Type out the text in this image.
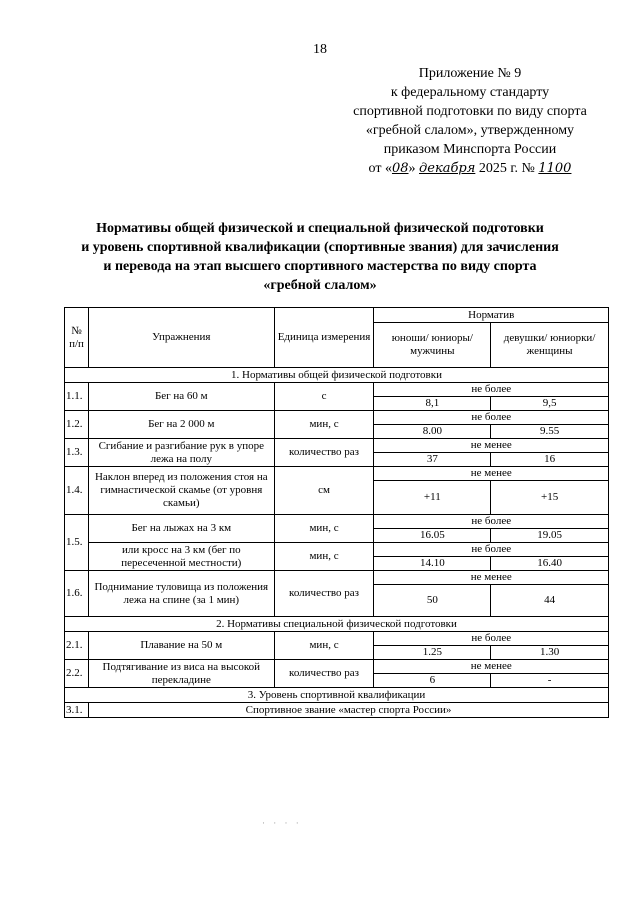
18
Приложение № 9
к федеральному стандарту
спортивной подготовки по виду спорта
«гребной слалом», утвержденному
приказом Минспорта России
от «08» декабря 2025 г. № 1100
Нормативы общей физической и специальной физической подготовки
и уровень спортивной квалификации (спортивные звания) для зачисления
и перевода на этап высшего спортивного мастерства по виду спорта
«гребной слалом»
№ п/п	Упражнения	Единица измерения	Норматив	
			юноши/ юниоры/ мужчины	девушки/ юниорки/ женщины
1. Нормативы общей физической подготовки				
1.1.	Бег на 60 м	с	не более	
			8,1	9,5
1.2.	Бег на 2 000 м	мин, с	не более	
			8.00	9.55
1.3.	Сгибание и разгибание рук в упоре лежа на полу	количество раз	не менее	
			37	16
1.4.	Наклон вперед из положения стоя на гимнастической скамье (от уровня скамьи)	см	не менее	
			+11	+15
1.5.	Бег на лыжах на 3 км	мин, с	не более	
			16.05	19.05
	или кросс на 3 км (бег по пересеченной местности)	мин, с	не более	
			14.10	16.40
1.6.	Поднимание туловища из положения лежа на спине (за 1 мин)	количество раз	не менее	
			50	44
2. Нормативы специальной физической подготовки				
2.1.	Плавание на 50 м	мин, с	не более	
			1.25	1.30
2.2.	Подтягивание из виса на высокой перекладине	количество раз	не менее	
			6	-
3. Уровень спортивной квалификации				
3.1.	Спортивное звание «мастер спорта России»			
· · · ·
